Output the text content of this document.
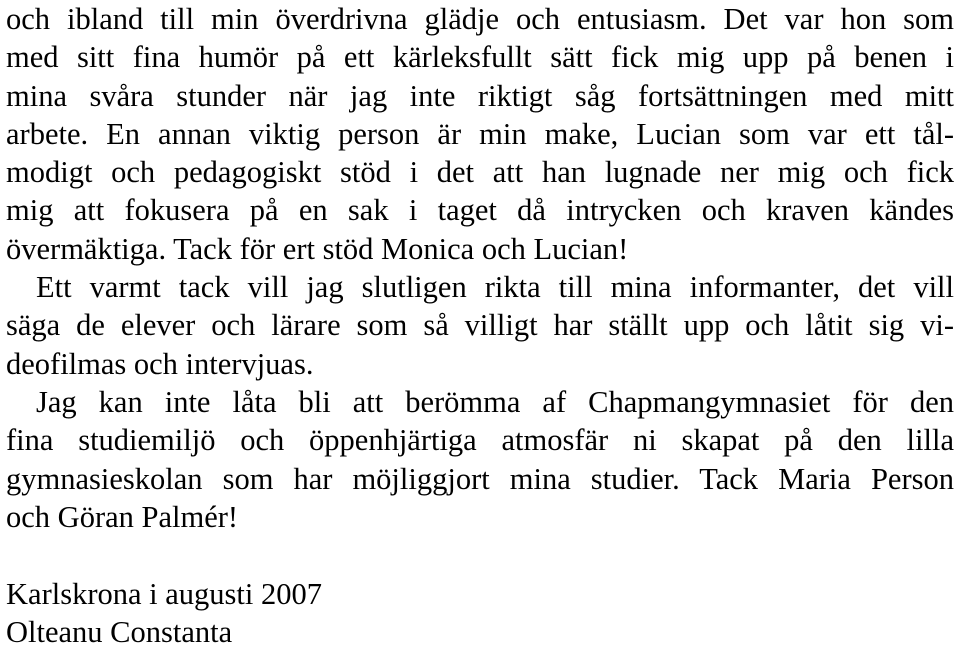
och ibland till min överdrivna glädje och entusiasm. Det var hon som
med sitt fina humör på ett kärleksfullt sätt fick mig upp på benen i
mina svåra stunder när jag inte riktigt såg fortsättningen med mitt
arbete. En annan viktig person är min make, Lucian som var ett tål-
modigt och pedagogiskt stöd i det att han lugnade ner mig och fick
mig att fokusera på en sak i taget då intrycken och kraven kändes
övermäktiga. Tack för ert stöd Monica och Lucian!
Ett varmt tack vill jag slutligen rikta till mina informanter, det vill
säga de elever och lärare som så villigt har ställt upp och låtit sig vi-
deofilmas och intervjuas.
Jag kan inte låta bli att berömma af Chapmangymnasiet för den
fina studiemiljö och öppenhjärtiga atmosfär ni skapat på den lilla
gymnasieskolan som har möjliggjort mina studier. Tack Maria Person
och Göran Palmér!
Karlskrona i augusti 2007
Olteanu Constanta
